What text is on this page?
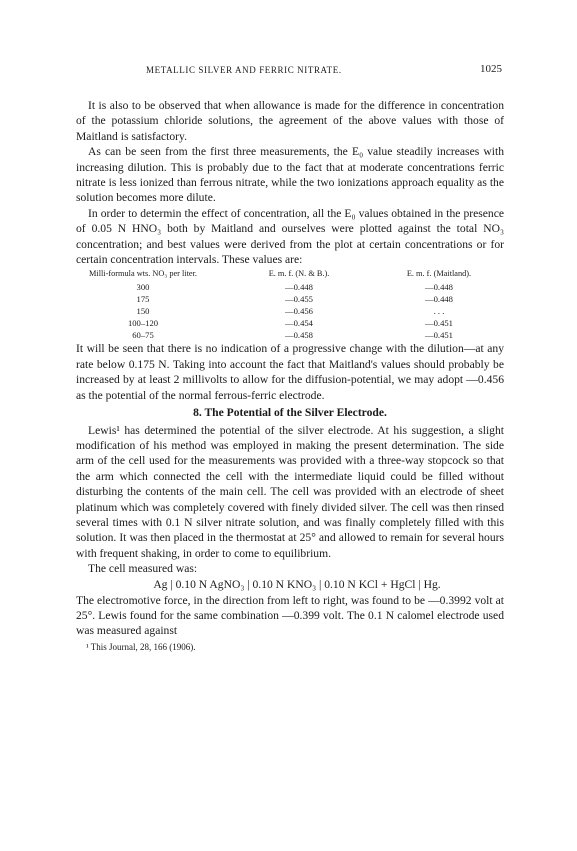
METALLIC SILVER AND FERRIC NITRATE.	1025

It is also to be observed that when allowance is made for the difference in concentration of the potassium chloride solutions, the agreement of the above values with those of Maitland is satisfactory.

As can be seen from the first three measurements, the E₀ value steadily increases with increasing dilution. This is probably due to the fact that at moderate concentrations ferric nitrate is less ionized than ferrous nitrate, while the two ionizations approach equality as the solution becomes more dilute.

In order to determin the effect of concentration, all the E₀ values obtained in the presence of 0.05 N HNO₃ both by Maitland and ourselves were plotted against the total NO₃ concentration; and best values were derived from the plot at certain concentrations or for certain concentration intervals. These values are:

Milli-formula wts. NO₃ per liter.	E. m. f. (N. & B.).	E. m. f. (Maitland).
300	—0.448	—0.448
175	—0.455	—0.448
150	—0.456	. . .
100–120	—0.454	—0.451
60–75	—0.458	—0.451

It will be seen that there is no indication of a progressive change with the dilution—at any rate below 0.175 N. Taking into account the fact that Maitland's values should probably be increased by at least 2 millivolts to allow for the diffusion-potential, we may adopt —0.456 as the potential of the normal ferrous-ferric electrode.

8. The Potential of the Silver Electrode.

Lewis¹ has determined the potential of the silver electrode. At his suggestion, a slight modification of his method was employed in making the present determination. The side arm of the cell used for the measurements was provided with a three-way stopcock so that the arm which connected the cell with the intermediate liquid could be filled without disturbing the contents of the main cell. The cell was provided with an electrode of sheet platinum which was completely covered with finely divided silver. The cell was then rinsed several times with 0.1 N silver nitrate solution, and was finally completely filled with this solution. It was then placed in the thermostat at 25° and allowed to remain for several hours with frequent shaking, in order to come to equilibrium.

The cell measured was:

Ag | 0.10 N AgNO₃ | 0.10 N KNO₃ | 0.10 N KCl + HgCl | Hg.

The electromotive force, in the direction from left to right, was found to be —0.3992 volt at 25°. Lewis found for the same combination —0.399 volt. The 0.1 N calomel electrode used was measured against

¹ This Journal, 28, 166 (1906).
